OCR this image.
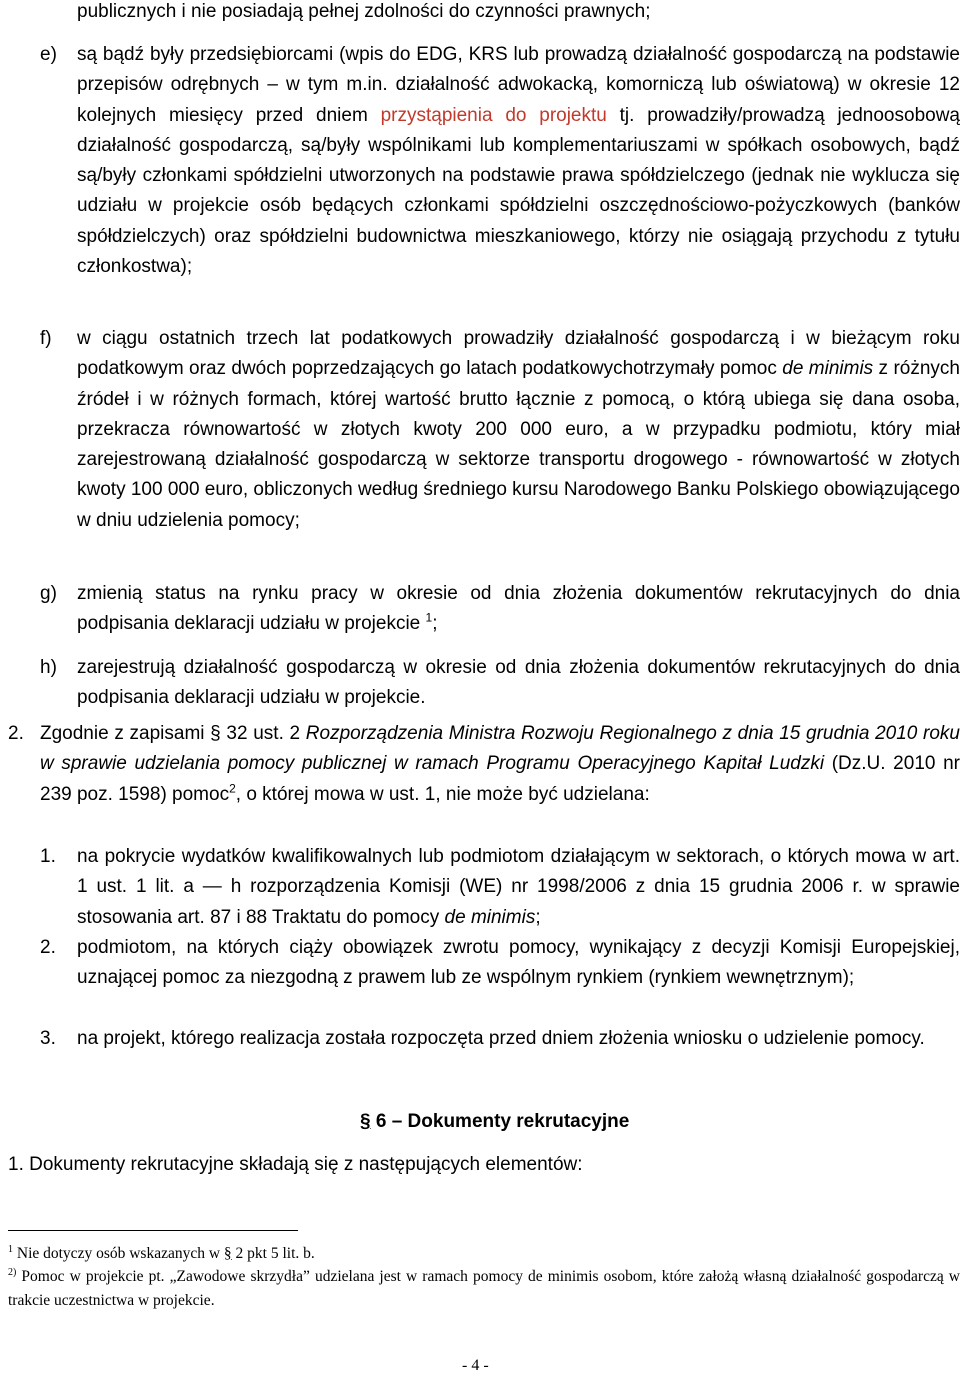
publicznych i nie posiadają pełnej zdolności do czynności prawnych;

e) są bądź były przedsiębiorcami (wpis do EDG, KRS lub prowadzą działalność gospodarczą na podstawie przepisów odrębnych – w tym m.in. działalność adwokacką, komorniczą lub oświatową) w okresie 12 kolejnych miesięcy przed dniem przystąpienia do projektu tj. prowadziły/prowadzą jednoosobową działalność gospodarczą, są/były wspólnikami lub komplementariuszami w spółkach osobowych, bądź są/były członkami spółdzielni utworzonych na podstawie prawa spółdzielczego (jednak nie wyklucza się udziału w projekcie osób będących członkami spółdzielni oszczędnościowo-pożyczkowych (banków spółdzielczych) oraz spółdzielni budownictwa mieszkaniowego, którzy nie osiągają przychodu z tytułu członkostwa);

f) w ciągu ostatnich trzech lat podatkowych prowadziły działalność gospodarczą i w bieżącym roku podatkowym oraz dwóch poprzedzających go latach podatkowychotrzymały pomoc de minimis z różnych źródeł i w różnych formach, której wartość brutto łącznie z pomocą, o którą ubiega się dana osoba, przekracza równowartość w złotych kwoty 200 000 euro, a w przypadku podmiotu, który miał zarejestrowaną działalność gospodarczą w sektorze transportu drogowego - równowartość w złotych kwoty 100 000 euro, obliczonych według średniego kursu Narodowego Banku Polskiego obowiązującego w dniu udzielenia pomocy;

g) zmienią status na rynku pracy w okresie od dnia złożenia dokumentów rekrutacyjnych do dnia podpisania deklaracji udziału w projekcie $^1$;

h) zarejestrują działalność gospodarczą w okresie od dnia złożenia dokumentów rekrutacyjnych do dnia podpisania deklaracji udziału w projekcie.

2. Zgodnie z zapisami § 32 ust. 2 Rozporządzenia Ministra Rozwoju Regionalnego z dnia 15 grudnia 2010 roku w sprawie udzielania pomocy publicznej w ramach Programu Operacyjnego Kapitał Ludzki (Dz.U. 2010 nr 239 poz. 1598) pomoc$^2$, o której mowa w ust. 1, nie może być udzielana:

1. na pokrycie wydatków kwalifikowalnych lub podmiotom działającym w sektorach, o których mowa w art. 1 ust. 1 lit. a — h rozporządzenia Komisji (WE) nr 1998/2006 z dnia 15 grudnia 2006 r. w sprawie stosowania art. 87 i 88 Traktatu do pomocy de minimis;

2. podmiotom, na których ciąży obowiązek zwrotu pomocy, wynikający z decyzji Komisji Europejskiej, uznającej pomoc za niezgodną z prawem lub ze wspólnym rynkiem (rynkiem wewnętrznym);

3. na projekt, którego realizacja została rozpoczęta przed dniem złożenia wniosku o udzielenie pomocy.

§ 6 – Dokumenty rekrutacyjne

1. Dokumenty rekrutacyjne składają się z następujących elementów:

$^1$ Nie dotyczy osób wskazanych w § 2 pkt 5 lit. b.
$^{2)}$ Pomoc w projekcie pt. „Zawodowe skrzydła” udzielana jest w ramach pomocy de minimis osobom, które założą własną działalność gospodarczą w trakcie uczestnictwa w projekcie.
- 4 -
